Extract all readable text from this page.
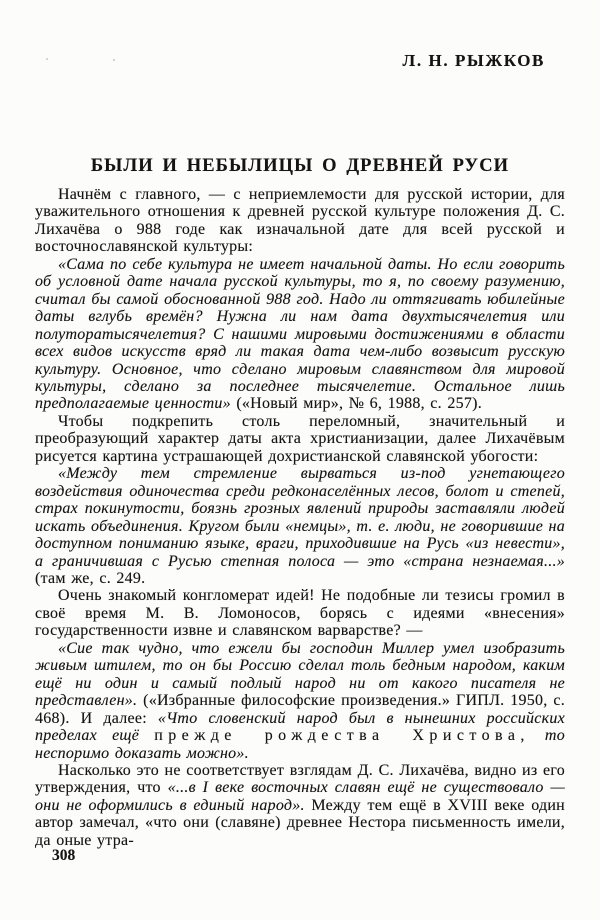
Л. Н. РЫЖКОВ
БЫЛИ И НЕБЫЛИЦЫ О ДРЕВНЕЙ РУСИ

Начнём с главного, — с неприемлемости для русской истории, для уважительного отношения к древней русской культуре положения Д. С. Лихачёва о 988 годе как изначальной дате для всей русской и восточнославянской культуры:

«Сама по себе культура не имеет начальной даты. Но если говорить об условной дате начала русской культуры, то я, по своему разумению, считал бы самой обоснованной 988 год. Надо ли оттягивать юбилейные даты вглубь времён? Нужна ли нам дата двухтысячелетия или полуторатысячелетия? С нашими мировыми достижениями в области всех видов искусств вряд ли такая дата чем-либо возвысит русскую культуру. Основное, что сделано мировым славянством для мировой культуры, сделано за последнее тысячелетие. Остальное лишь предполагаемые ценности» («Новый мир», № 6, 1988, с. 257).

Чтобы подкрепить столь переломный, значительный и преобразующий характер даты акта христианизации, далее Лихачёвым рисуется картина устрашающей дохристианской славянской убогости:

«Между тем стремление вырваться из-под угнетающего воздействия одиночества среди редконаселённых лесов, болот и степей, страх покинутости, боязнь грозных явлений природы заставляли людей искать объединения. Кругом были «немцы», т. е. люди, не говорившие на доступном пониманию языке, враги, приходившие на Русь «из невести», а граничившая с Русью степная полоса — это «страна незнаемая...» (там же, с. 249.

Очень знакомый конгломерат идей! Не подобные ли тезисы громил в своё время М. В. Ломоносов, борясь с идеями «внесения» государственности извне и славянском варварстве? —

«Сие так чудно, что ежели бы господин Миллер умел изобразить живым штилем, то он бы Россию сделал толь бедным народом, каким ещё ни один и самый подлый народ ни от какого писателя не представлен». («Избранные философские произведения.» ГИПЛ. 1950, с. 468). И далее: «Что словенский народ был в нынешних российских пределах ещё прежде рождества Христова, то неспоримо доказать можно».

Насколько это не соответствует взглядам Д. С. Лихачёва, видно из его утверждения, что «...в I веке восточных славян ещё не существовало — они не оформились в единый народ». Между тем ещё в XVIII веке один автор замечал, «что они (славяне) древнее Нестора письменность имели, да оные утра-

308
